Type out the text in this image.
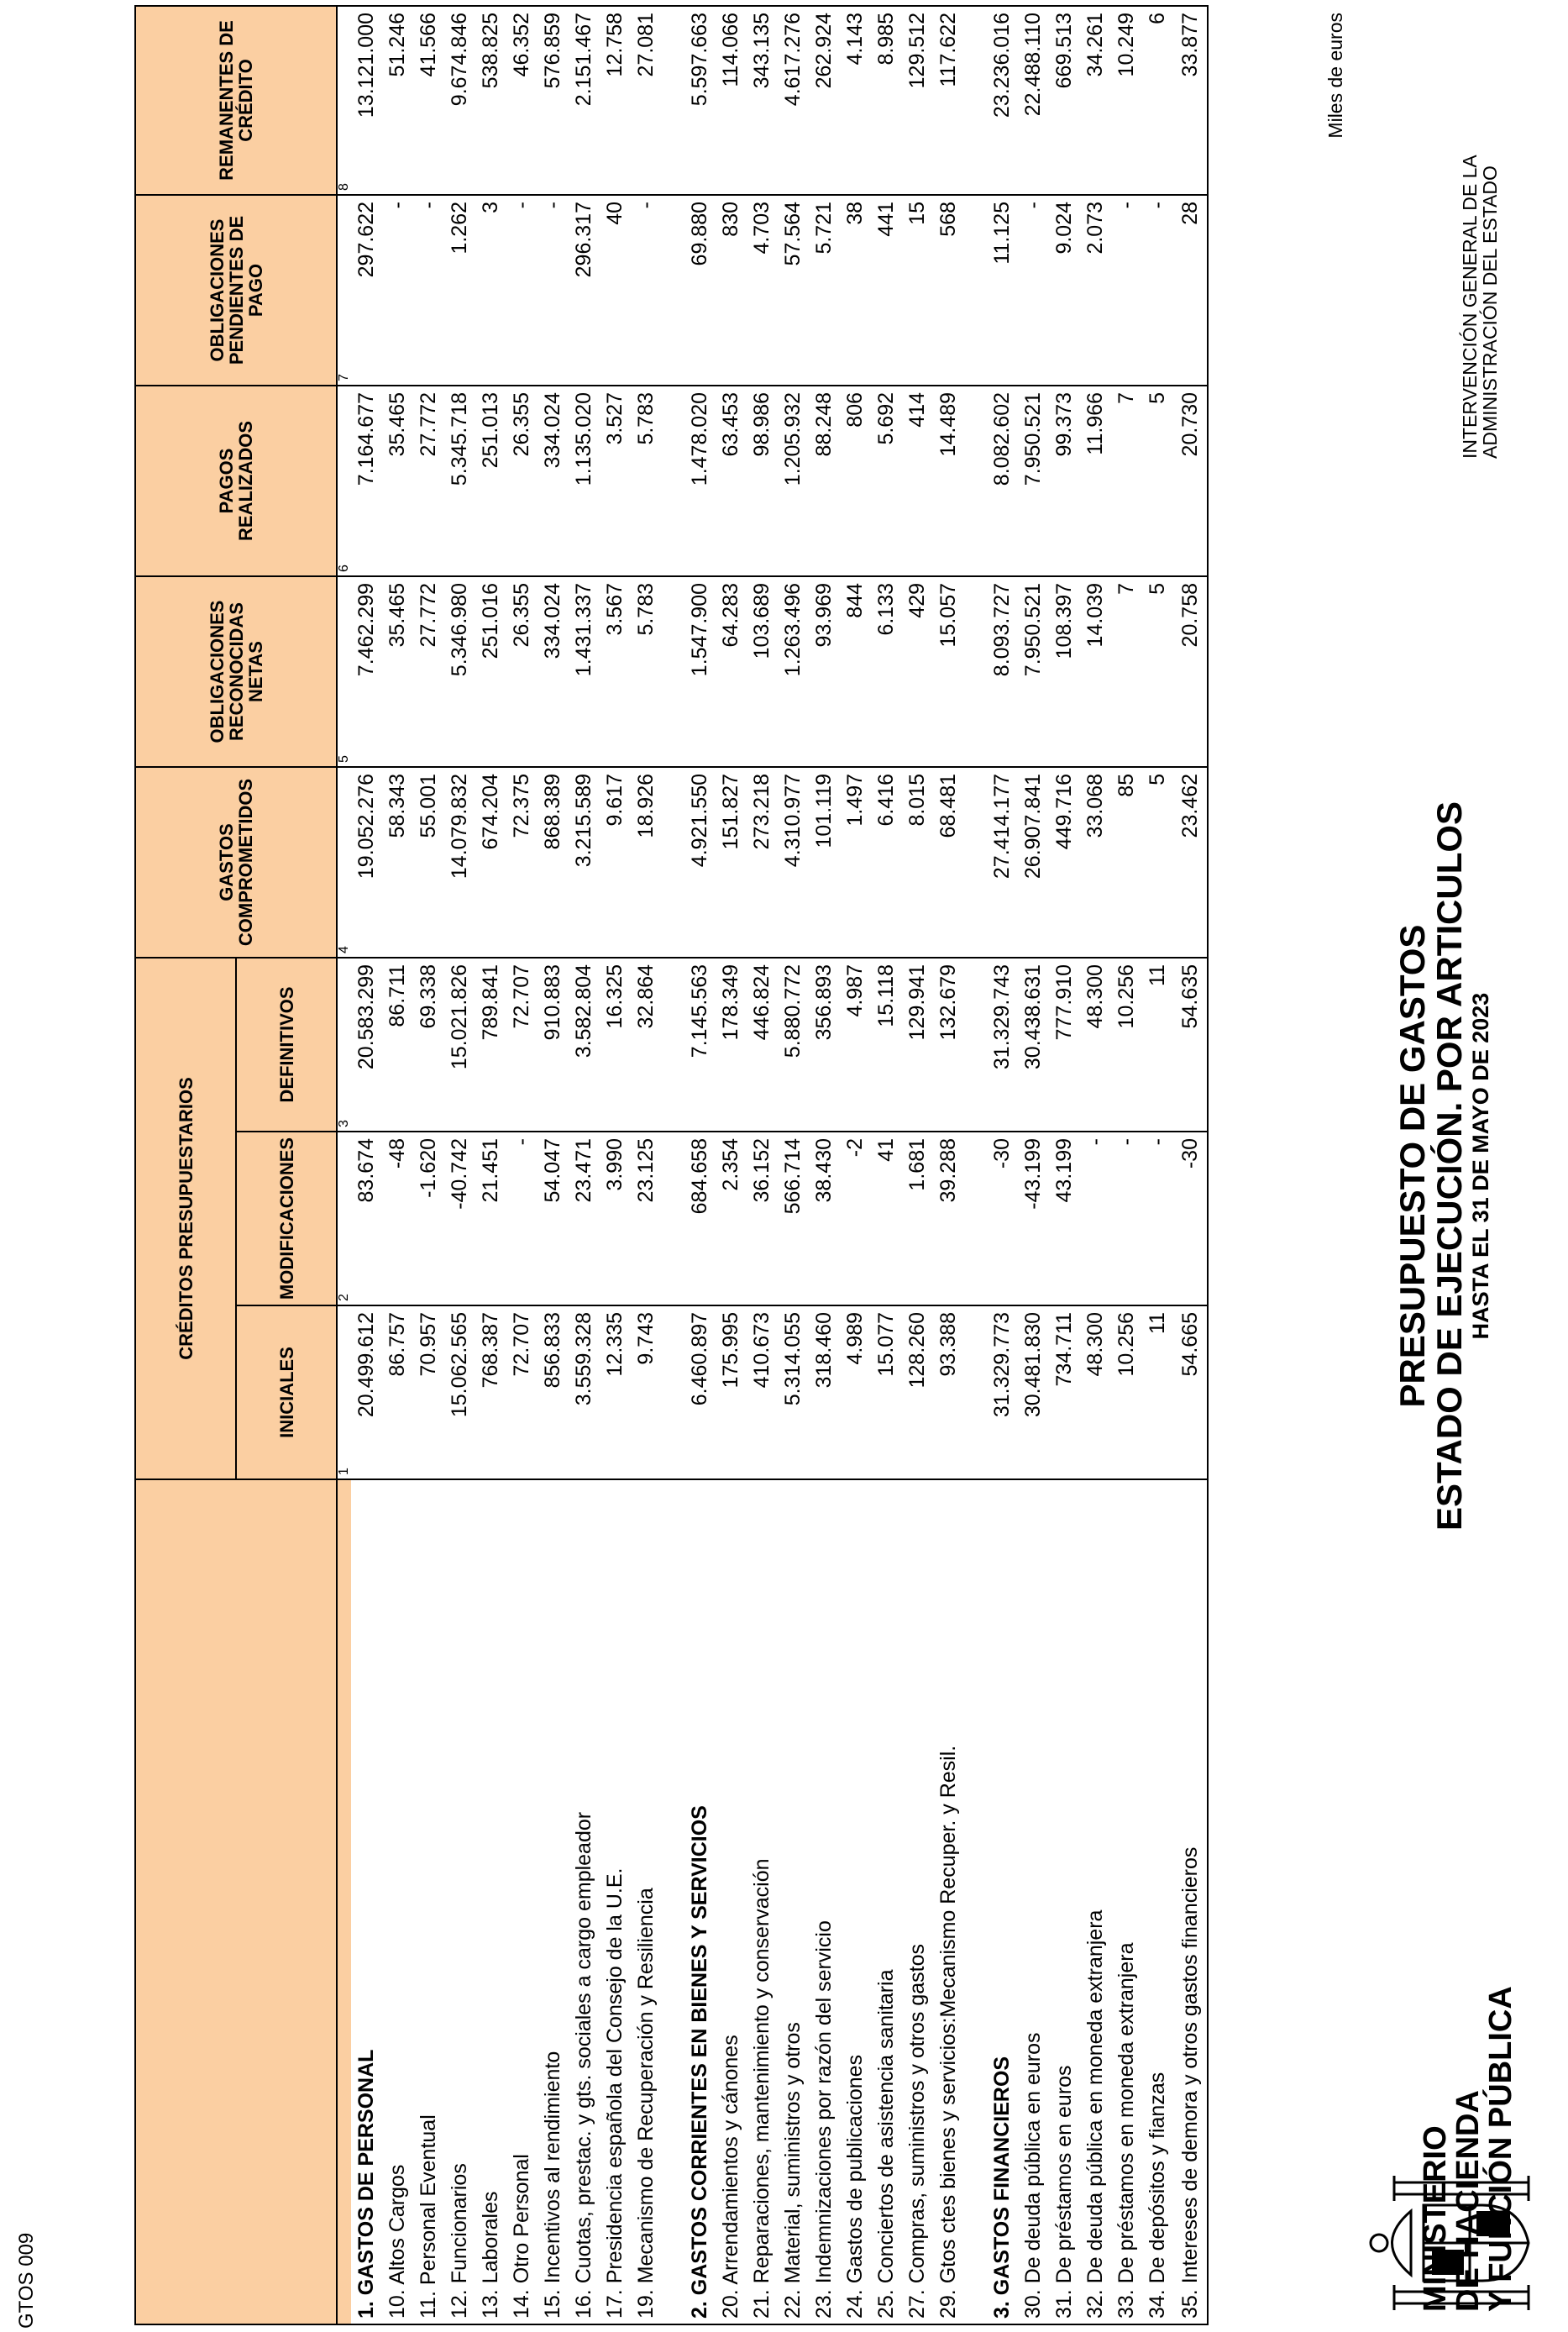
MINISTERIO
DE HACIENDA
Y FUNCIÓN PÚBLICA
PRESUPUESTO DE GASTOS
ESTADO DE EJECUCIÓN. POR ARTICULOS HASTA EL 31 DE MAYO DE 2023
INTERVENCIÓN GENERAL DE LA
ADMINISTRACIÓN DEL ESTADO
Miles de euros
GTOS 009
	CRÉDITOS PRESUPUESTARIOS			GASTOS COMPROMETIDOS	OBLIGACIONES RECONOCIDAS NETAS	PAGOS REALIZADOS	OBLIGACIONES PENDIENTES DE PAGO	REMANENTES DE CRÉDITO
	INICIALES	MODIFICACIONES	DEFINITIVOS					
	1	2	3	4	5	6	7	8
1. GASTOS DE PERSONAL	20.499.612	83.674	20.583.299	19.052.276	7.462.299	7.164.677	297.622	13.121.000
10. Altos Cargos	86.757	-48	86.711	58.343	35.465	35.465	-	51.246
11. Personal Eventual	70.957	-1.620	69.338	55.001	27.772	27.772	-	41.566
12. Funcionarios	15.062.565	-40.742	15.021.826	14.079.832	5.346.980	5.345.718	1.262	9.674.846
13. Laborales	768.387	21.451	789.841	674.204	251.016	251.013	3	538.825
14. Otro Personal	72.707	-	72.707	72.375	26.355	26.355	-	46.352
15. Incentivos al rendimiento	856.833	54.047	910.883	868.389	334.024	334.024	-	576.859
16. Cuotas, prestac. y gts. sociales a cargo empleador	3.559.328	23.471	3.582.804	3.215.589	1.431.337	1.135.020	296.317	2.151.467
17. Presidencia española del Consejo de la U.E.	12.335	3.990	16.325	9.617	3.567	3.527	40	12.758
19. Mecanismo de Recuperación y Resiliencia	9.743	23.125	32.864	18.926	5.783	5.783	-	27.081

2. GASTOS CORRIENTES EN BIENES Y SERVICIOS	6.460.897	684.658	7.145.563	4.921.550	1.547.900	1.478.020	69.880	5.597.663
20. Arrendamientos y cánones	175.995	2.354	178.349	151.827	64.283	63.453	830	114.066
21. Reparaciones, mantenimiento y conservación	410.673	36.152	446.824	273.218	103.689	98.986	4.703	343.135
22. Material, suministros y otros	5.314.055	566.714	5.880.772	4.310.977	1.263.496	1.205.932	57.564	4.617.276
23. Indemnizaciones por razón del servicio	318.460	38.430	356.893	101.119	93.969	88.248	5.721	262.924
24. Gastos de publicaciones	4.989	-2	4.987	1.497	844	806	38	4.143
25. Conciertos de asistencia sanitaria	15.077	41	15.118	6.416	6.133	5.692	441	8.985
27. Compras, suministros y otros gastos	128.260	1.681	129.941	8.015	429	414	15	129.512
29. Gtos ctes bienes y servicios:Mecanismo Recuper. y Resil.	93.388	39.288	132.679	68.481	15.057	14.489	568	117.622

3. GASTOS FINANCIEROS	31.329.773	-30	31.329.743	27.414.177	8.093.727	8.082.602	11.125	23.236.016
30. De deuda pública en euros	30.481.830	-43.199	30.438.631	26.907.841	7.950.521	7.950.521	-	22.488.110
31. De préstamos en euros	734.711	43.199	777.910	449.716	108.397	99.373	9.024	669.513
32. De deuda pública en moneda extranjera	48.300	-	48.300	33.068	14.039	11.966	2.073	34.261
33. De préstamos en moneda extranjera	10.256	-	10.256	85	7	7	-	10.249
34. De depósitos y fianzas	11	-	11	5	5	5	-	6
35. Intereses de demora y otros gastos financieros	54.665	-30	54.635	23.462	20.758	20.730	28	33.877
